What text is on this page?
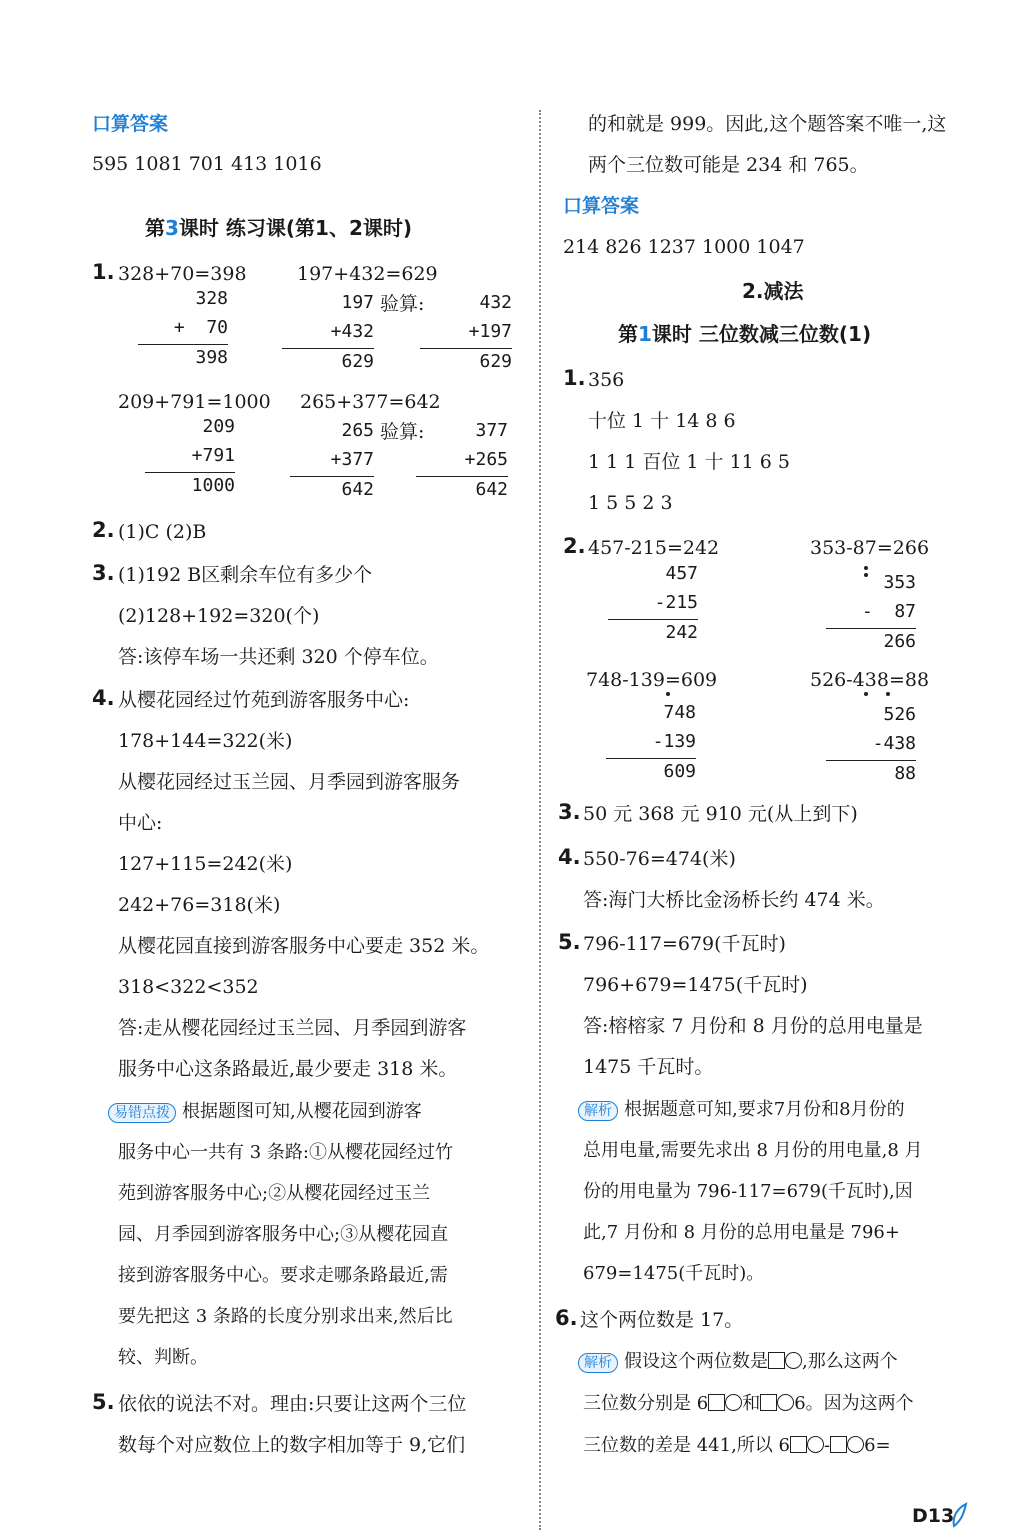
口算答案
595 1081 701 413 1016
第3课时 练习课(第1、2课时)
1. 328+70=398	197+432=629
328
+  70
398
验算:
197
+432
629
432
+197
629
209+791=1000 265+377=642
209
+791
1000
验算:
265
+377
642
377
+265
642
2. (1)C (2)B
3. (1)192 B区剩余车位有多少个
(2)128+192=320(个)
答:该停车场一共还剩 320 个停车位。
4. 从樱花园经过竹苑到游客服务中心:
178+144=322(米)
从樱花园经过玉兰园、月季园到游客服务
中心:
127+115=242(米)
242+76=318(米)
从樱花园直接到游客服务中心要走 352 米。
318<322<352
答:走从樱花园经过玉兰园、月季园到游客
服务中心这条路最近,最少要走 318 米。
易错点拨 根据题图可知,从樱花园到游客
服务中心一共有 3 条路:①从樱花园经过竹
苑到游客服务中心;②从樱花园经过玉兰
园、月季园到游客服务中心;③从樱花园直
接到游客服务中心。要求走哪条路最近,需
要先把这 3 条路的长度分别求出来,然后比
较、判断。
5. 依依的说法不对。理由:只要让这两个三位
数每个对应数位上的数字相加等于 9,它们
的和就是 999。因此,这个题答案不唯一,这
两个三位数可能是 234 和 765。
口算答案
214 826 1237 1000 1047
2.减法
第1课时 三位数减三位数(1)
1. 356
十位 1 十 14 8 6
1 1 1 百位 1 十 11 6 5
1 5 5 2 3
2. 457-215=242	353-87=266
457
-215
242
353
-  87
266
748-139=609	526-438=88
748
-139
609
526
-438
88
3. 50 元 368 元 910 元(从上到下)
4. 550-76=474(米)
答:海门大桥比金汤桥长约 474 米。
5. 796-117=679(千瓦时)
796+679=1475(千瓦时)
答:榕榕家 7 月份和 8 月份的总用电量是
1475 千瓦时。
解析 根据题意可知,要求7月份和8月份的
总用电量,需要先求出 8 月份的用电量,8 月
份的用电量为 796-117=679(千瓦时),因
此,7 月份和 8 月份的总用电量是 796+
679=1475(千瓦时)。
6. 这个两位数是 17。
解析 假设这个两位数是 ,那么这两个
三位数分别是 6 和 6。因为这两个
三位数的差是 441,所以 6 - 6=
D13
